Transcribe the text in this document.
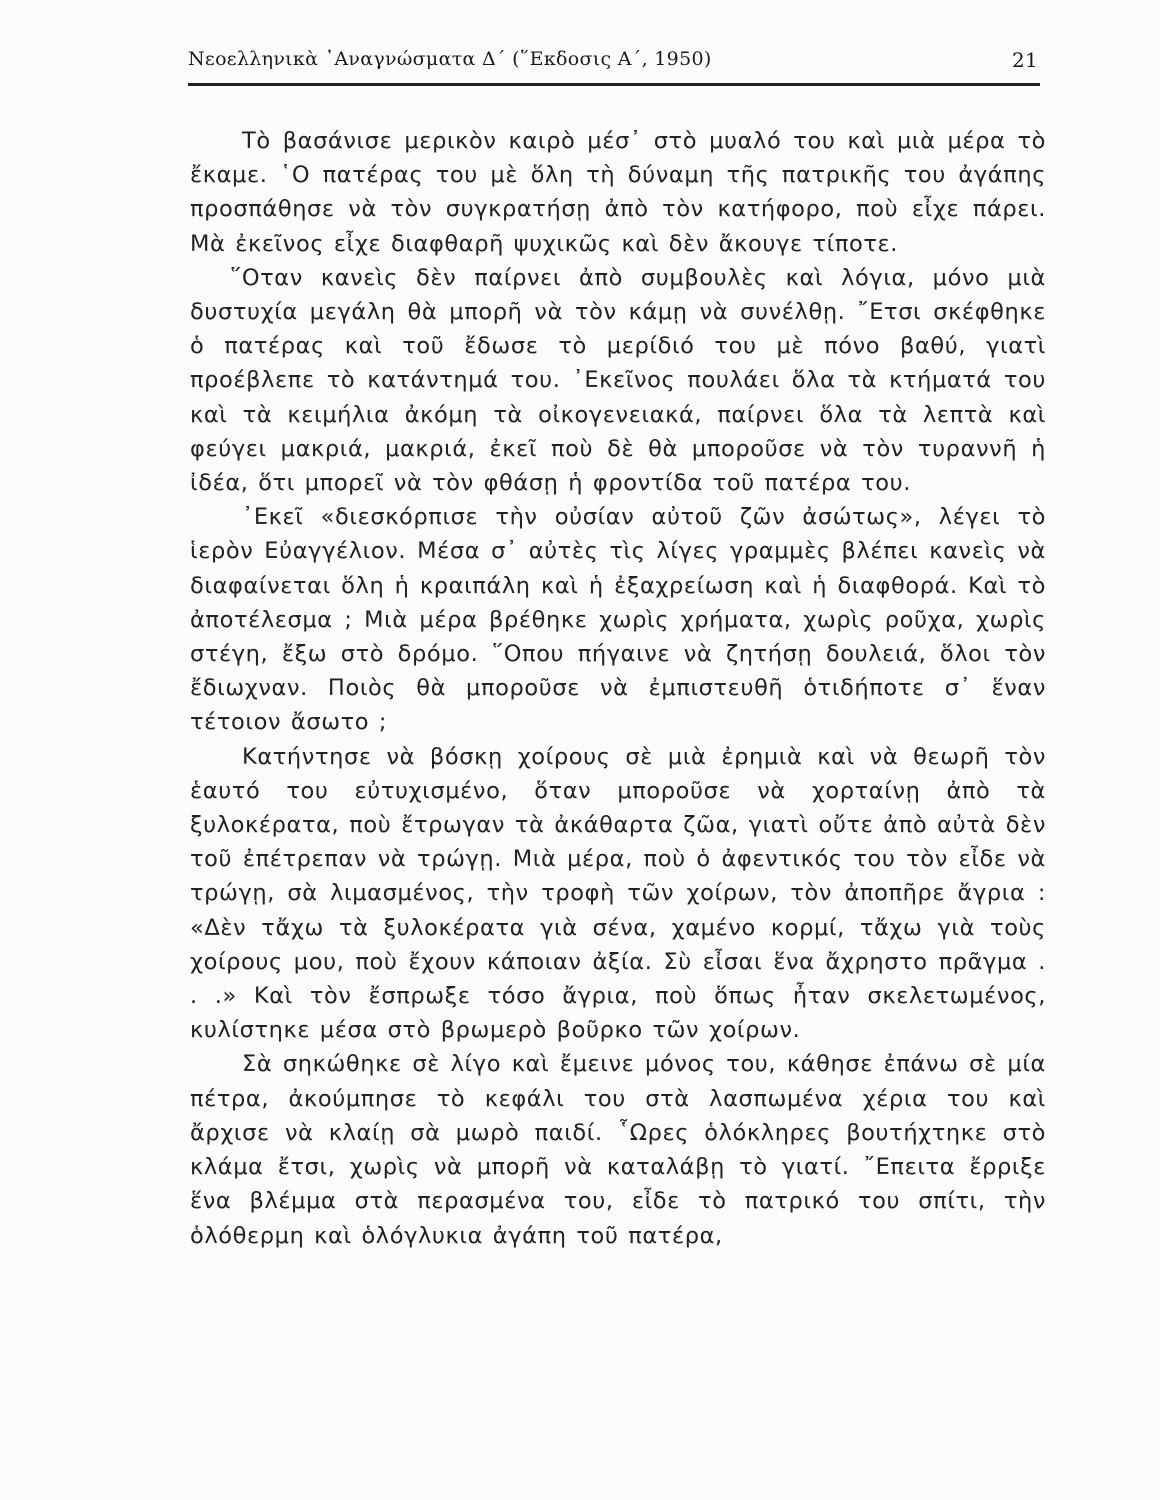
Νεοελληνικὰ ᾿Αναγνώσματα Δ΄ (῞Εκδοσις Α΄, 1950)	21

Τὸ βασάνισε μερικὸν καιρὸ μέσ᾿ στὸ μυαλό του καὶ μιὰ μέρα τὸ ἔκαμε. ῾Ο πατέρας του μὲ ὅλη τὴ δύναμη τῆς πατρικῆς του ἀγάπης προσπάθησε νὰ τὸν συγκρατήσῃ ἀπὸ τὸν κατήφορο, ποὺ εἶχε πάρει. Μὰ ἐκεῖνος εἶχε διαφθαρῆ ψυχικῶς καὶ δὲν ἄκουγε τίποτε.

῞Οταν κανεὶς δὲν παίρνει ἀπὸ συμβουλὲς καὶ λόγια, μόνο μιὰ δυστυχία μεγάλη θὰ μπορῆ νὰ τὸν κάμῃ νὰ συνέλθῃ. ῎Ετσι σκέφθηκε ὁ πατέρας καὶ τοῦ ἔδωσε τὸ μερίδιό του μὲ πόνο βαθύ, γιατὶ προέβλεπε τὸ κατάντημά του. ᾿Εκεῖνος πουλάει ὅλα τὰ κτήματά του καὶ τὰ κειμήλια ἀκόμη τὰ οἰκογενειακά, παίρνει ὅλα τὰ λεπτὰ καὶ φεύγει μακριά, μακριά, ἐκεῖ ποὺ δὲ θὰ μποροῦσε νὰ τὸν τυραννῆ ἡ ἰδέα, ὅτι μπορεῖ νὰ τὸν φθάσῃ ἡ φροντίδα τοῦ πατέρα του.

᾿Εκεῖ «διεσκόρπισε τὴν οὐσίαν αὐτοῦ ζῶν ἀσώτως», λέγει τὸ ἱερὸν Εὐαγγέλιον. Μέσα σ᾿ αὐτὲς τὶς λίγες γραμμὲς βλέπει κανεὶς νὰ διαφαίνεται ὅλη ἡ κραιπάλη καὶ ἡ ἐξαχρείωση καὶ ἡ διαφθορά. Καὶ τὸ ἀποτέλεσμα ; Μιὰ μέρα βρέθηκε χωρὶς χρήματα, χωρὶς ροῦχα, χωρὶς στέγη, ἔξω στὸ δρόμο. ῞Οπου πήγαινε νὰ ζητήσῃ δουλειά, ὅλοι τὸν ἔδιωχναν. Ποιὸς θὰ μποροῦσε νὰ ἐμπιστευθῆ ὁτιδήποτε σ᾿ ἕναν τέτοιον ἄσωτο ;

Κατήντησε νὰ βόσκῃ χοίρους σὲ μιὰ ἐρημιὰ καὶ νὰ θεωρῆ τὸν ἑαυτό του εὐτυχισμένο, ὅταν μποροῦσε νὰ χορταίνῃ ἀπὸ τὰ ξυλοκέρατα, ποὺ ἔτρωγαν τὰ ἀκάθαρτα ζῶα, γιατὶ οὔτε ἀπὸ αὐτὰ δὲν τοῦ ἐπέτρεπαν νὰ τρώγῃ. Μιὰ μέρα, ποὺ ὁ ἀφεντικός του τὸν εἶδε νὰ τρώγῃ, σὰ λιμασμένος, τὴν τροφὴ τῶν χοίρων, τὸν ἀποπῆρε ἄγρια : «Δὲν τἄχω τὰ ξυλοκέρατα γιὰ σένα, χαμένο κορμί, τἄχω γιὰ τοὺς χοίρους μου, ποὺ ἔχουν κάποιαν ἀξία. Σὺ εἶσαι ἕνα ἄχρηστο πρᾶγμα . . .» Καὶ τὸν ἔσπρωξε τόσο ἄγρια, ποὺ ὅπως ἦταν σκελετωμένος, κυλίστηκε μέσα στὸ βρωμερὸ βοῦρκο τῶν χοίρων.

Σὰ σηκώθηκε σὲ λίγο καὶ ἔμεινε μόνος του, κάθησε ἐπάνω σὲ μία πέτρα, ἀκούμπησε τὸ κεφάλι του στὰ λασπωμένα χέρια του καὶ ἄρχισε νὰ κλαίῃ σὰ μωρὸ παιδί. ῟Ωρες ὁλόκληρες βουτήχτηκε στὸ κλάμα ἔτσι, χωρὶς νὰ μπορῆ νὰ καταλάβῃ τὸ γιατί. ῎Επειτα ἔρριξε ἕνα βλέμμα στὰ περασμένα του, εἶδε τὸ πατρικό του σπίτι, τὴν ὁλόθερμη καὶ ὁλόγλυκια ἀγάπη τοῦ πατέρα,
